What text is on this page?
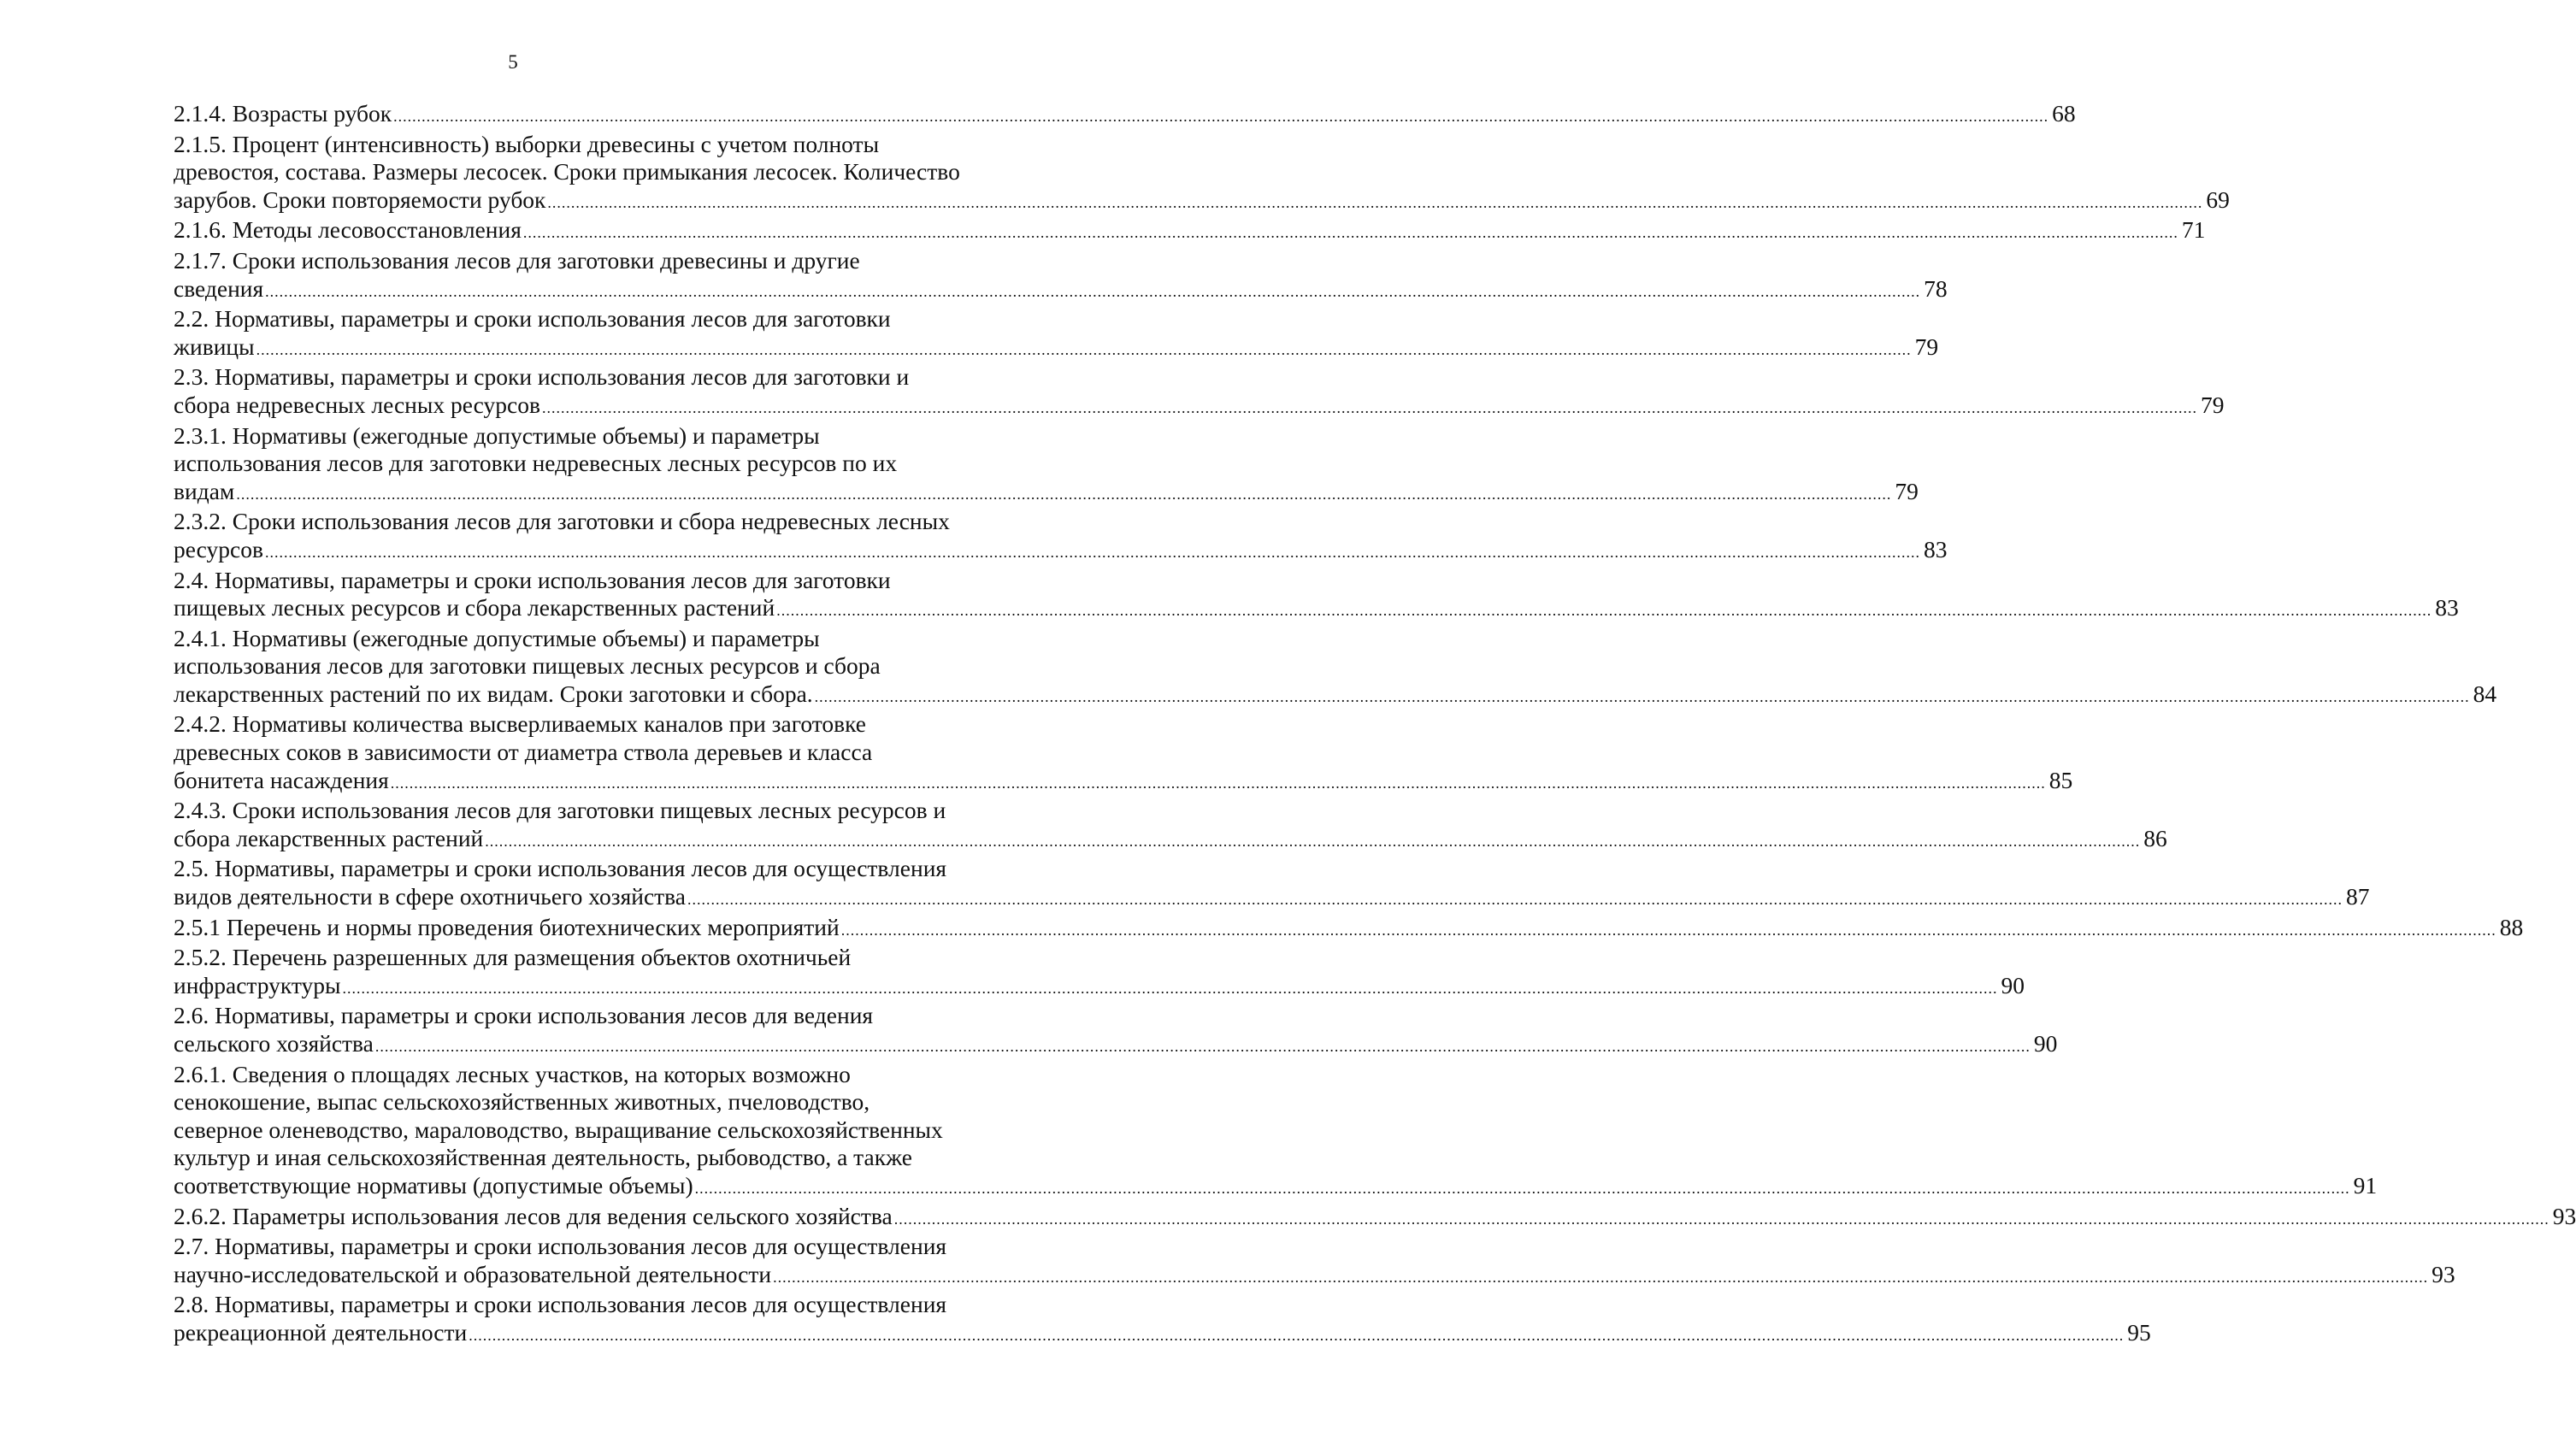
5
2.1.4. Возрасты рубок .....	68
2.1.5. Процент (интенсивность) выборки древесины с учетом полноты
древостоя, состава. Размеры лесосек. Сроки примыкания лесосек. Количество
зарубов. Сроки повторяемости рубок .....	69
2.1.6. Методы лесовосстановления .....	71
2.1.7. Сроки использования лесов для заготовки древесины и другие
сведения .....	78
2.2. Нормативы, параметры и сроки использования лесов для заготовки
живицы .....	79
2.3. Нормативы, параметры и сроки использования лесов для заготовки и
сбора недревесных лесных ресурсов .....	79
2.3.1. Нормативы (ежегодные допустимые объемы) и параметры
использования лесов для заготовки недревесных лесных ресурсов по их
видам .....	79
2.3.2. Сроки использования лесов для заготовки и сбора недревесных лесных
ресурсов .....	83
2.4. Нормативы, параметры и сроки использования лесов для заготовки
пищевых лесных ресурсов и сбора лекарственных растений .....	83
2.4.1. Нормативы (ежегодные допустимые объемы) и параметры
использования лесов для заготовки пищевых лесных ресурсов и сбора
лекарственных растений по их видам. Сроки заготовки и сбора. .....	84
2.4.2. Нормативы количества высверливаемых каналов при заготовке
древесных соков в зависимости от диаметра ствола деревьев и класса
бонитета насаждения .....	85
2.4.3. Сроки использования лесов для заготовки пищевых лесных ресурсов и
сбора лекарственных растений .....	86
2.5. Нормативы, параметры и сроки использования лесов для осуществления
видов деятельности в сфере охотничьего хозяйства .....	87
2.5.1 Перечень и нормы проведения биотехнических мероприятий .....	88
2.5.2. Перечень разрешенных для размещения объектов охотничьей
инфраструктуры .....	90
2.6. Нормативы, параметры и сроки использования лесов для ведения
сельского хозяйства .....	90
2.6.1. Сведения о площадях лесных участков, на которых возможно
сенокошение, выпас сельскохозяйственных животных, пчеловодство,
северное оленеводство, мараловодство, выращивание сельскохозяйственных
культур и иная сельскохозяйственная деятельность, рыбоводство, а также
соответствующие нормативы (допустимые объемы) .....	91
2.6.2. Параметры использования лесов для ведения сельского хозяйства .....	93
2.7. Нормативы, параметры и сроки использования лесов для осуществления
научно-исследовательской и образовательной деятельности .....	93
2.8. Нормативы, параметры и сроки использования лесов для осуществления
рекреационной деятельности .....	95
